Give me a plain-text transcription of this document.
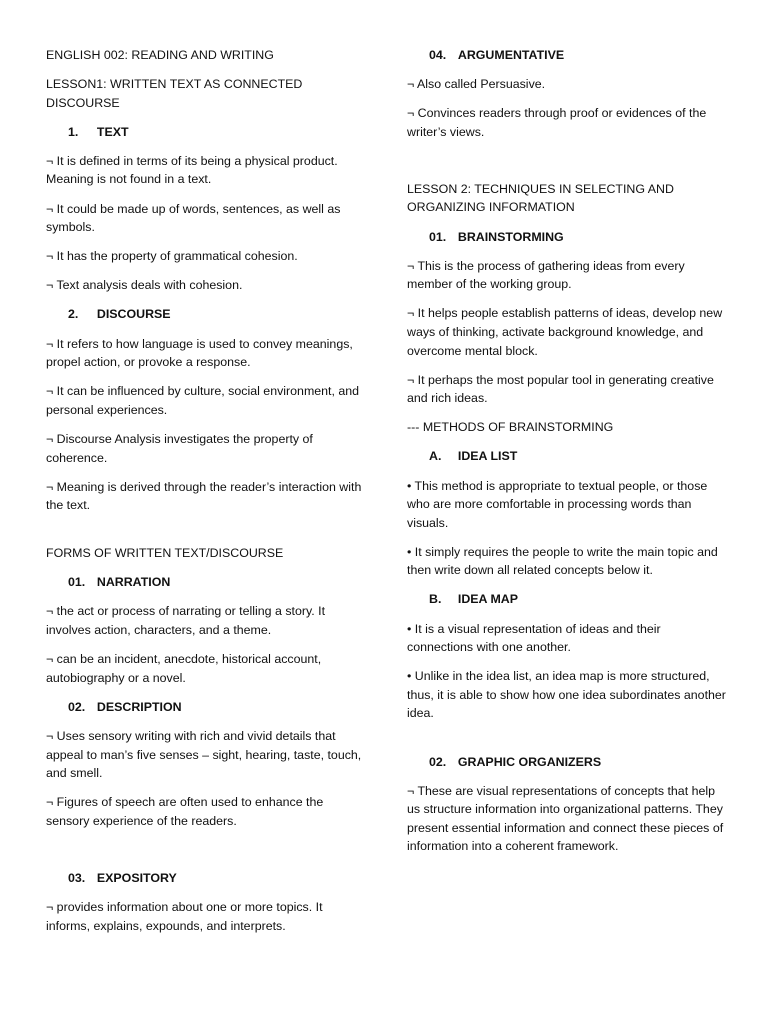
ENGLISH 002: READING AND WRITING

LESSON1: WRITTEN TEXT AS CONNECTED DISCOURSE

1. TEXT

¬ It is defined in terms of its being a physical product. Meaning is not found in a text.

¬ It could be made up of words, sentences, as well as symbols.

¬ It has the property of grammatical cohesion.

¬ Text analysis deals with cohesion.

2. DISCOURSE

¬ It refers to how language is used to convey meanings, propel action, or provoke a response.

¬ It can be influenced by culture, social environment, and personal experiences.

¬ Discourse Analysis investigates the property of coherence.

¬ Meaning is derived through the reader’s interaction with the text.

FORMS OF WRITTEN TEXT/DISCOURSE

01. NARRATION

¬ the act or process of narrating or telling a story. It involves action, characters, and a theme.

¬ can be an incident, anecdote, historical account, autobiography or a novel.

02. DESCRIPTION

¬ Uses sensory writing with rich and vivid details that appeal to man’s five senses – sight, hearing, taste, touch, and smell.

¬ Figures of speech are often used to enhance the sensory experience of the readers.

03. EXPOSITORY

¬ provides information about one or more topics. It informs, explains, expounds, and interprets.

04. ARGUMENTATIVE

¬ Also called Persuasive.

¬ Convinces readers through proof or evidences of the writer’s views.

LESSON 2: TECHNIQUES IN SELECTING AND ORGANIZING INFORMATION

01. BRAINSTORMING

¬ This is the process of gathering ideas from every member of the working group.

¬ It helps people establish patterns of ideas, develop new ways of thinking, activate background knowledge, and overcome mental block.

¬ It perhaps the most popular tool in generating creative and rich ideas.

--- METHODS OF BRAINSTORMING

A. IDEA LIST

• This method is appropriate to textual people, or those who are more comfortable in processing words than visuals.

• It simply requires the people to write the main topic and then write down all related concepts below it.

B. IDEA MAP

• It is a visual representation of ideas and their connections with one another.

• Unlike in the idea list, an idea map is more structured, thus, it is able to show how one idea subordinates another idea.

02. GRAPHIC ORGANIZERS

¬ These are visual representations of concepts that help us structure information into organizational patterns. They present essential information and connect these pieces of information into a coherent framework.
